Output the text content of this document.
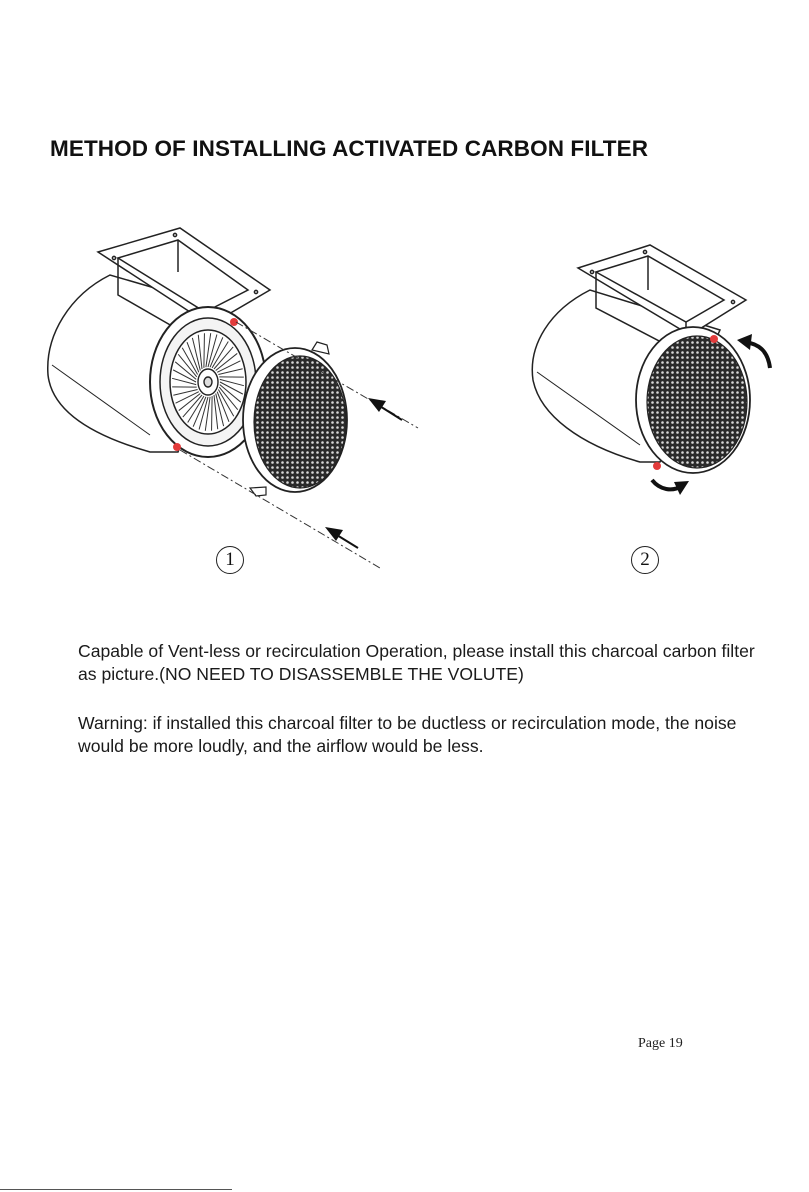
METHOD OF INSTALLING ACTIVATED CARBON FILTER
1	2

Capable of Vent-less or recirculation Operation, please install this charcoal carbon filter as picture.(NO NEED TO DISASSEMBLE THE VOLUTE)

Warning: if installed this charcoal filter to be ductless or recirculation mode, the noise would be more loudly, and the airflow would be less.

Page 19
